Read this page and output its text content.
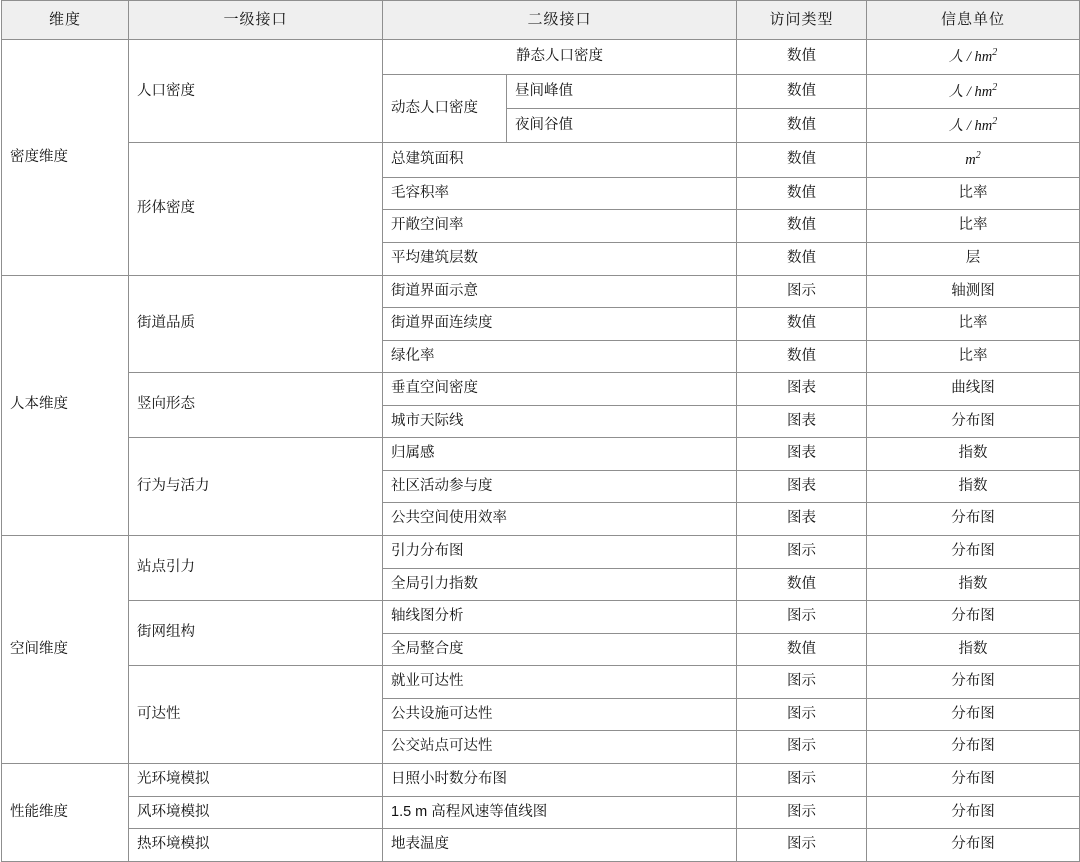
维度	一级接口	二级接口		访问类型	信息单位
密度维度	人口密度	静态人口密度		数值	人 / $hm^2$
		动态人口密度	昼间峰值	数值	人 / $hm^2$
			夜间谷值	数值	人 / $hm^2$
	形体密度	总建筑面积		数值	$m^2$
		毛容积率		数值	比率
		开敞空间率		数值	比率
		平均建筑层数		数值	层
人本维度	街道品质	街道界面示意		图示	轴测图
		街道界面连续度		数值	比率
		绿化率		数值	比率
	竖向形态	垂直空间密度		图表	曲线图
		城市天际线		图表	分布图
	行为与活力	归属感		图表	指数
		社区活动参与度		图表	指数
		公共空间使用效率		图表	分布图
空间维度	站点引力	引力分布图		图示	分布图
		全局引力指数		数值	指数
	街网组构	轴线图分析		图示	分布图
		全局整合度		数值	指数
	可达性	就业可达性		图示	分布图
		公共设施可达性		图示	分布图
		公交站点可达性		图示	分布图
性能维度	光环境模拟	日照小时数分布图		图示	分布图
	风环境模拟	1.5 m 高程风速等值线图		图示	分布图
	热环境模拟	地表温度		图示	分布图
